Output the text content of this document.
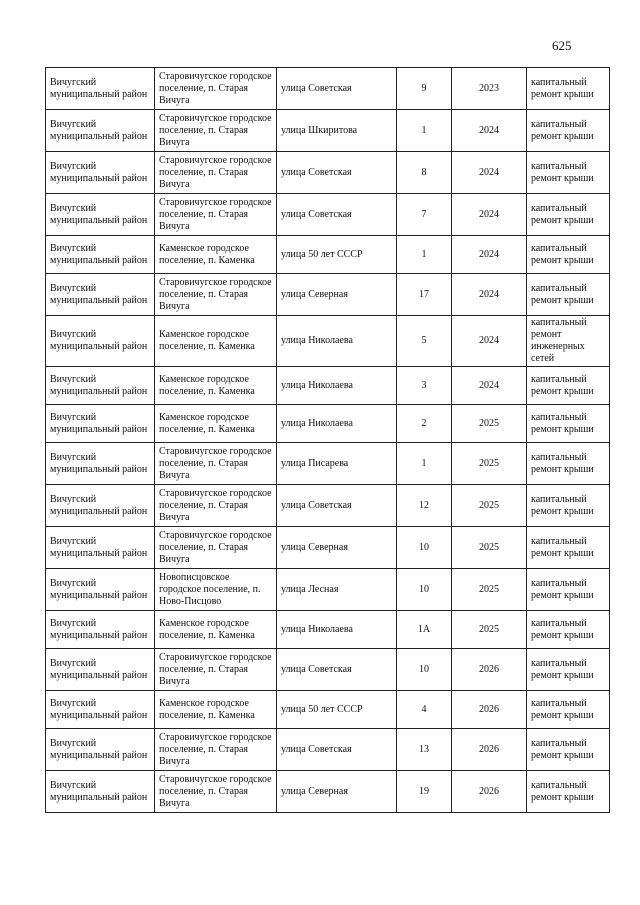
625
Вичугский муниципальный район	Старовичугское городское поселение, п. Старая Вичуга	улица Советская	9	2023	капитальный ремонт крыши
Вичугский муниципальный район	Старовичугское городское поселение, п. Старая Вичуга	улица Шкиритова	1	2024	капитальный ремонт крыши
Вичугский муниципальный район	Старовичугское городское поселение, п. Старая Вичуга	улица Советская	8	2024	капитальный ремонт крыши
Вичугский муниципальный район	Старовичугское городское поселение, п. Старая Вичуга	улица Советская	7	2024	капитальный ремонт крыши
Вичугский муниципальный район	Каменское городское поселение, п. Каменка	улица 50 лет СССР	1	2024	капитальный ремонт крыши
Вичугский муниципальный район	Старовичугское городское поселение, п. Старая Вичуга	улица Северная	17	2024	капитальный ремонт крыши
Вичугский муниципальный район	Каменское городское поселение, п. Каменка	улица Николаева	5	2024	капитальный ремонт инженерных сетей
Вичугский муниципальный район	Каменское городское поселение, п. Каменка	улица Николаева	3	2024	капитальный ремонт крыши
Вичугский муниципальный район	Каменское городское поселение, п. Каменка	улица Николаева	2	2025	капитальный ремонт крыши
Вичугский муниципальный район	Старовичугское городское поселение, п. Старая Вичуга	улица Писарева	1	2025	капитальный ремонт крыши
Вичугский муниципальный район	Старовичугское городское поселение, п. Старая Вичуга	улица Советская	12	2025	капитальный ремонт крыши
Вичугский муниципальный район	Старовичугское городское поселение, п. Старая Вичуга	улица Северная	10	2025	капитальный ремонт крыши
Вичугский муниципальный район	Новописцовское городское поселение, п. Ново-Писцово	улица Лесная	10	2025	капитальный ремонт крыши
Вичугский муниципальный район	Каменское городское поселение, п. Каменка	улица Николаева	1А	2025	капитальный ремонт крыши
Вичугский муниципальный район	Старовичугское городское поселение, п. Старая Вичуга	улица Советская	10	2026	капитальный ремонт крыши
Вичугский муниципальный район	Каменское городское поселение, п. Каменка	улица 50 лет СССР	4	2026	капитальный ремонт крыши
Вичугский муниципальный район	Старовичугское городское поселение, п. Старая Вичуга	улица Советская	13	2026	капитальный ремонт крыши
Вичугский муниципальный район	Старовичугское городское поселение, п. Старая Вичуга	улица Северная	19	2026	капитальный ремонт крыши
